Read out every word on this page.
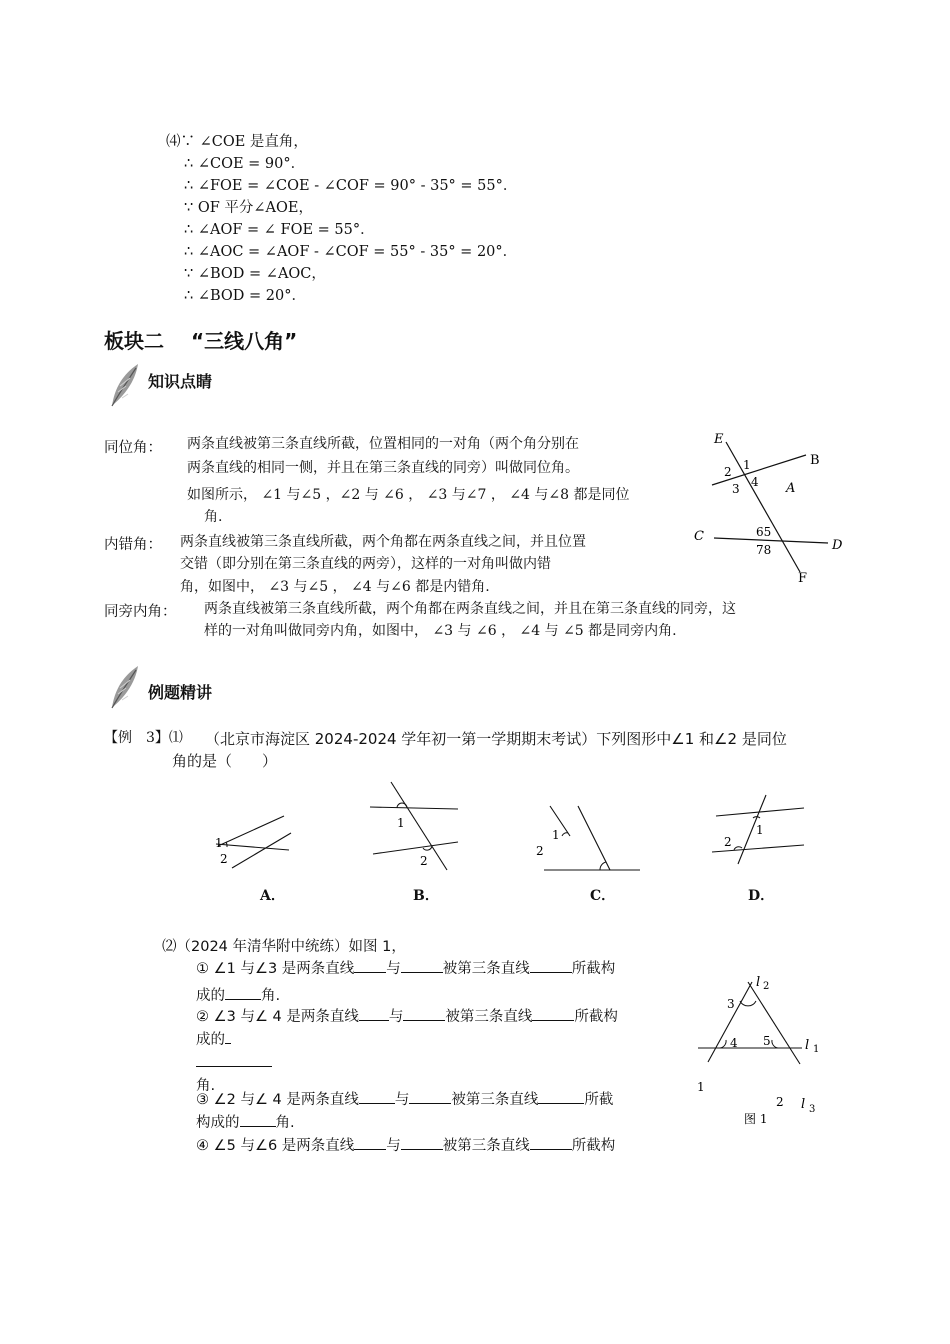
⑷∵ ∠COE 是直角，
∴ ∠COE = 90°．
∴ ∠FOE = ∠COE - ∠COF = 90° - 35° = 55°．
∵ OF 平分∠AOE，
∴ ∠AOF = ∠ FOE = 55°．
∴ ∠AOC = ∠AOF - ∠COF = 55° - 35° = 20°．
∵ ∠BOD = ∠AOC，
∴ ∠BOD = 20°．
板块二　 “三线八角”
知识点睛
同位角： 两条直线被第三条直线所截，位置相同的一对角（两个角分别在
两条直线的相同一侧，并且在第三条直线的同旁）叫做同位角。
如图所示， ∠1 与∠5 ，∠2 与 ∠6 ， ∠3 与∠7 ， ∠4 与∠8 都是同位
角.
内错角： 两条直线被第三条直线所截，两个角都在两条直线之间，并且位置
交错（即分别在第三条直线的两旁），这样的一对角叫做内错
角，如图中， ∠3 与∠5 ， ∠4 与∠6 都是内错角.
同旁内角： 两条直线被第三条直线所截，两个角都在两条直线之间，并且在第三条直线的同旁，这
样的一对角叫做同旁内角，如图中， ∠3 与 ∠6 ， ∠4 与 ∠5 都是同旁内角.
E
B
2 1
4
3	A
C
D
65
78
F
例题精讲
【例　3】⑴ （北京市海淀区 2024-2024 学年初一第一学期期末考试）下列图形中∠1 和∠2 是同位
角的是（　　）
1
2
A．
1
2
B．
1
2
C．
1
2
D．
⑵（2024 年清华附中统练）如图 1，
① ∠1 与∠3 是两条直线 与	被第三条直线	所截构
成的 角.
② ∠3 与∠ 4 是两条直线 与	被第三条直线	所截构
成的
角.
③ ∠2 与∠ 4 是两条直线 与	被第三条直线	所截
构成的 角.
④ ∠5 与∠6 是两条直线 与	被第三条直线	所截构
l 2
3
4 5	l 1
1
2 l 3
图 1
